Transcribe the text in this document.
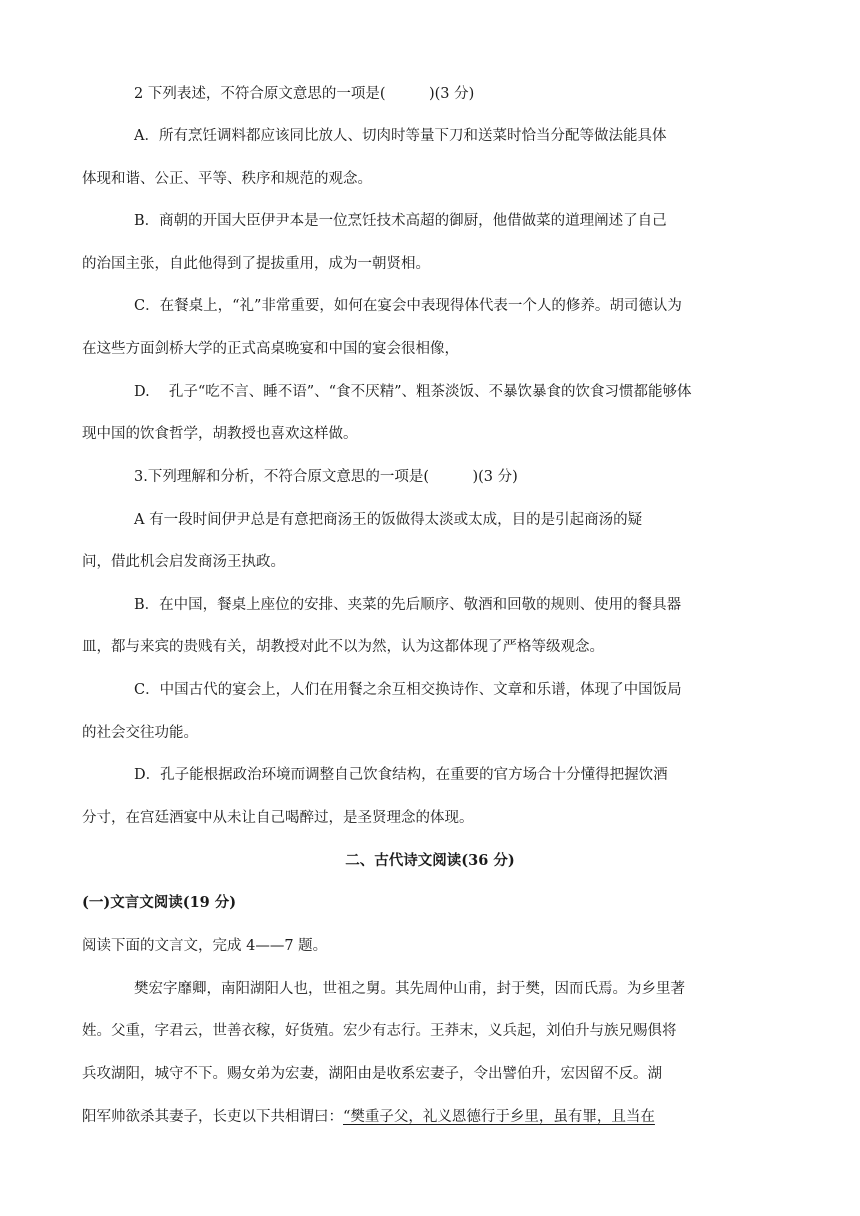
2 下列表述，不符合原文意思的一项是(　　　)(3 分)
A．所有烹饪调料都应该同比放人、切肉时等量下刀和送菜时恰当分配等做法能具体
体现和谐、公正、平等、秩序和规范的观念。
B．商朝的开国大臣伊尹本是一位烹饪技术高超的御厨，他借做菜的道理阐述了自己
的治国主张，自此他得到了提拔重用，成为一朝贤相。
C．在餐桌上，“礼”非常重要，如何在宴会中表现得体代表一个人的修养。胡司德认为
在这些方面剑桥大学的正式高桌晚宴和中国的宴会很相像，
D.　 孔子“吃不言、睡不语”、“食不厌精”、粗茶淡饭、不暴饮暴食的饮食习惯都能够体
现中国的饮食哲学，胡教授也喜欢这样做。
3.下列理解和分析，不符合原文意思的一项是(　　　)(3 分)
A 有一段时间伊尹总是有意把商汤王的饭做得太淡或太成，目的是引起商汤的疑
问，借此机会启发商汤王执政。
B．在中国，餐桌上座位的安排、夹菜的先后顺序、敬酒和回敬的规则、使用的餐具器
皿，都与来宾的贵贱有关，胡教授对此不以为然，认为这都体现了严格等级观念。
C．中国古代的宴会上，人们在用餐之余互相交换诗作、文章和乐谱，体现了中国饭局
的社会交往功能。
D．孔子能根据政治环境而调整自己饮食结构，在重要的官方场合十分懂得把握饮酒
分寸，在宫廷酒宴中从未让自己喝醉过，是圣贤理念的体现。
二、古代诗文阅读(36 分)
(一)文言文阅读(19 分)
阅读下面的文言文，完成 4——7 题。
樊宏字靡卿，南阳湖阳人也，世祖之舅。其先周仲山甫，封于樊，因而氏焉。为乡里著
姓。父重，字君云，世善衣稼，好货殖。宏少有志行。王莽末，义兵起，刘伯升与族兄赐俱将
兵攻湖阳，城守不下。赐女弟为宏妻，湖阳由是收系宏妻子，令出譬伯升，宏因留不反。湖
阳军帅欲杀其妻子，长吏以下共相谓曰：“樊重子父，礼义恩德行于乡里，虽有罪，且当在
